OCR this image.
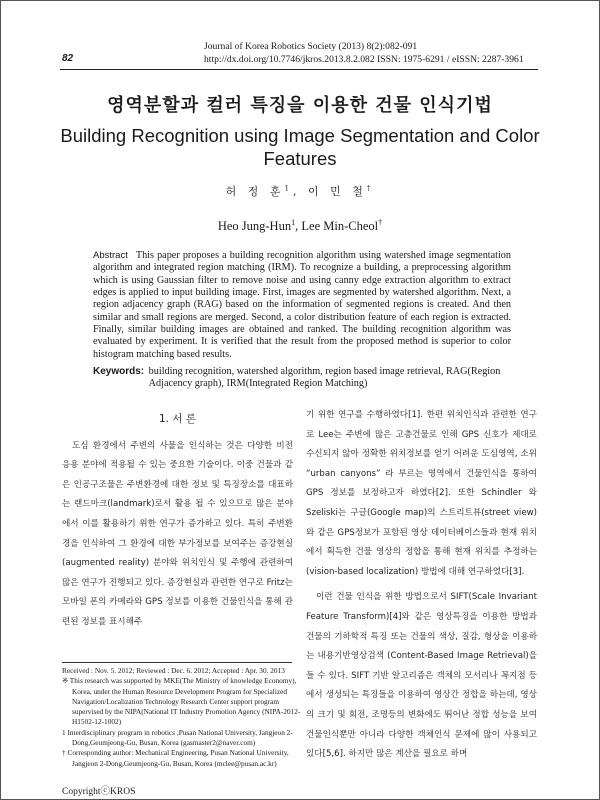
82
Journal of Korea Robotics Society (2013) 8(2):082-091
http://dx.doi.org/10.7746/jkros.2013.8.2.082 ISSN: 1975-6291 / eISSN: 2287-3961
영역분할과 컬러 특징을 이용한 건물 인식기법
Building Recognition using Image Segmentation and Color Features
허 정 훈$^1$, 이 민 철†
Heo Jung-Hun$^1$, Lee Min-Cheol†
Abstract This paper proposes a building recognition algorithm using watershed image segmentation algorithm and integrated region matching (IRM). To recognize a building, a preprocessing algorithm which is using Gaussian filter to remove noise and using canny edge extraction algorithm to extract edges is applied to input building image. First, images are segmented by watershed algorithm. Next, a region adjacency graph (RAG) based on the information of segmented regions is created. And then similar and small regions are merged. Second, a color distribution feature of each region is extracted. Finally, similar building images are obtained and ranked. The building recognition algorithm was evaluated by experiment. It is verified that the result from the proposed method is superior to color histogram matching based results.
Keywords: building recognition, watershed algorithm, region based image retrieval, RAG(Region Adjacency graph), IRM(Integrated Region Matching)
1. 서 론

도심 환경에서 주변의 사물을 인식하는 것은 다양한 비전 응용 분야에 적용될 수 있는 중요한 기술이다. 이중 건물과 같은 인공구조물은 주변환경에 대한 정보 및 특징장소를 대표하는 랜드마크(landmark)로서 활용 될 수 있으므로 많은 분야에서 이를 활용하기 위한 연구가 증가하고 있다. 특히 주변환경을 인식하여 그 환경에 대한 부가정보를 보여주는 증강현실(augmented reality) 분야와 위치인식 및 주행에 관련하여 많은 연구가 진행되고 있다. 증강현실과 관련한 연구로 Fritz는 모바일 폰의 카메라와 GPS 정보를 이용한 건물인식을 통해 관련된 정보를 표시해주

기 위한 연구를 수행하였다[1]. 한편 위치인식과 관련한 연구로 Lee는 주변에 많은 고층건물로 인해 GPS 신호가 제대로 수신되지 않아 정확한 위치정보를 얻기 어려운 도심영역, 소위 “urban canyons” 라 부르는 영역에서 건물인식을 통하여 GPS 정보를 보정하고자 하였다[2]. 또한 Schindler 와 Szeliski는 구글(Google map)의 스트리트뷰(street view)와 같은 GPS정보가 포함된 영상 데이터베이스들과 현재 위치에서 획득한 건물 영상의 정합을 통해 현재 위치를 추정하는(vision-based localization) 방법에 대해 연구하였다[3].

이런 건물 인식을 위한 방법으로서 SIFT(Scale Invariant Feature Transform)[4]와 같은 영상특징을 이용한 방법과 건물의 기하학적 특징 또는 건물의 색상, 질감, 형상을 이용하는 내용기반영상검색 (Content-Based Image Retrieval)을 들 수 있다. SIFT 기반 알고리즘은 객체의 모서리나 꼭지점 등에서 생성되는 특징들을 이용하여 영상간 정합을 하는데, 영상의 크기 및 회전, 조명등의 변화에도 뛰어난 정합 성능을 보여 건물인식뿐만 아니라 다양한 객체인식 문제에 많이 사용되고 있다[5,6]. 하지만 많은 계산을 필요로 하며

Received : Nov. 5. 2012; Reviewed : Dec. 6. 2012; Accepted : Apr. 30. 2013

※ This research was supported by MKE(The Ministry of knowledge Economy), Korea, under the Human Resource Development Program for Specialized Navigation/Localization Technology Research Center support program supervised by the NIPA(National IT Industry Promotion Agency (NIPA-2012-H1502-12-1002)

1 Interdisciplinary program in robotics ,Pusan National University, Jangjeon 2-Dong,Geumjeong-Gu, Busan, Korea (gasmaster2@naver.com)

† Corresponding author: Mechanical Engineering, Pusan National University, Jangjeon 2-Dong,Geumjeong-Gu, Busan, Korea (mclee@pusan.ac.kr)

CopyrightⓒKROS
